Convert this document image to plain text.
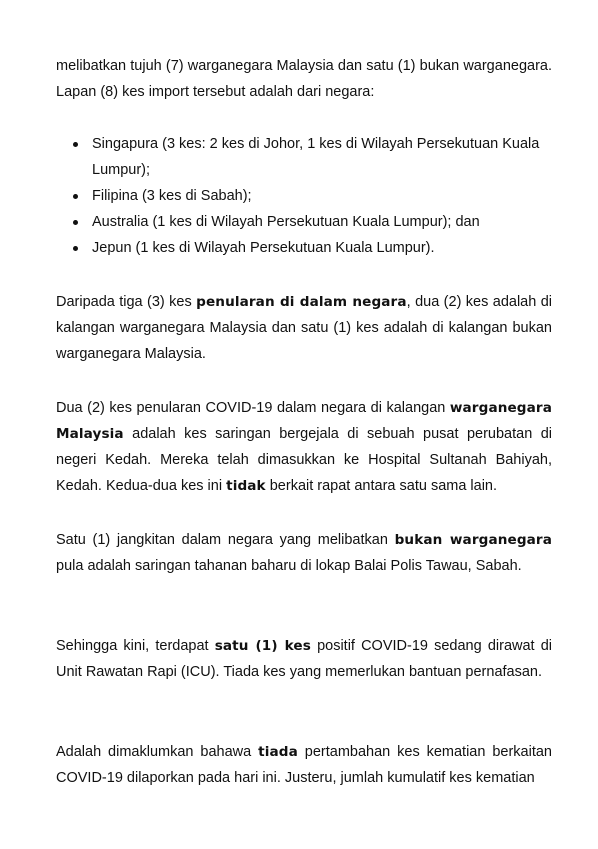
melibatkan tujuh (7) warganegara Malaysia dan satu (1) bukan warganegara. Lapan (8) kes import tersebut adalah dari negara:

Singapura (3 kes: 2 kes di Johor, 1 kes di Wilayah Persekutuan Kuala Lumpur);
Filipina (3 kes di Sabah);
Australia (1 kes di Wilayah Persekutuan Kuala Lumpur); dan
Jepun (1 kes di Wilayah Persekutuan Kuala Lumpur).

Daripada tiga (3) kes penularan di dalam negara, dua (2) kes adalah di kalangan warganegara Malaysia dan satu (1) kes adalah di kalangan bukan warganegara Malaysia.

Dua (2) kes penularan COVID-19 dalam negara di kalangan warganegara Malaysia adalah kes saringan bergejala di sebuah pusat perubatan di negeri Kedah. Mereka telah dimasukkan ke Hospital Sultanah Bahiyah, Kedah. Kedua-dua kes ini tidak berkait rapat antara satu sama lain.

Satu (1) jangkitan dalam negara yang melibatkan bukan warganegara pula adalah saringan tahanan baharu di lokap Balai Polis Tawau, Sabah.

Sehingga kini, terdapat satu (1) kes positif COVID-19 sedang dirawat di Unit Rawatan Rapi (ICU). Tiada kes yang memerlukan bantuan pernafasan.

Adalah dimaklumkan bahawa tiada pertambahan kes kematian berkaitan COVID-19 dilaporkan pada hari ini. Justeru, jumlah kumulatif kes kematian
